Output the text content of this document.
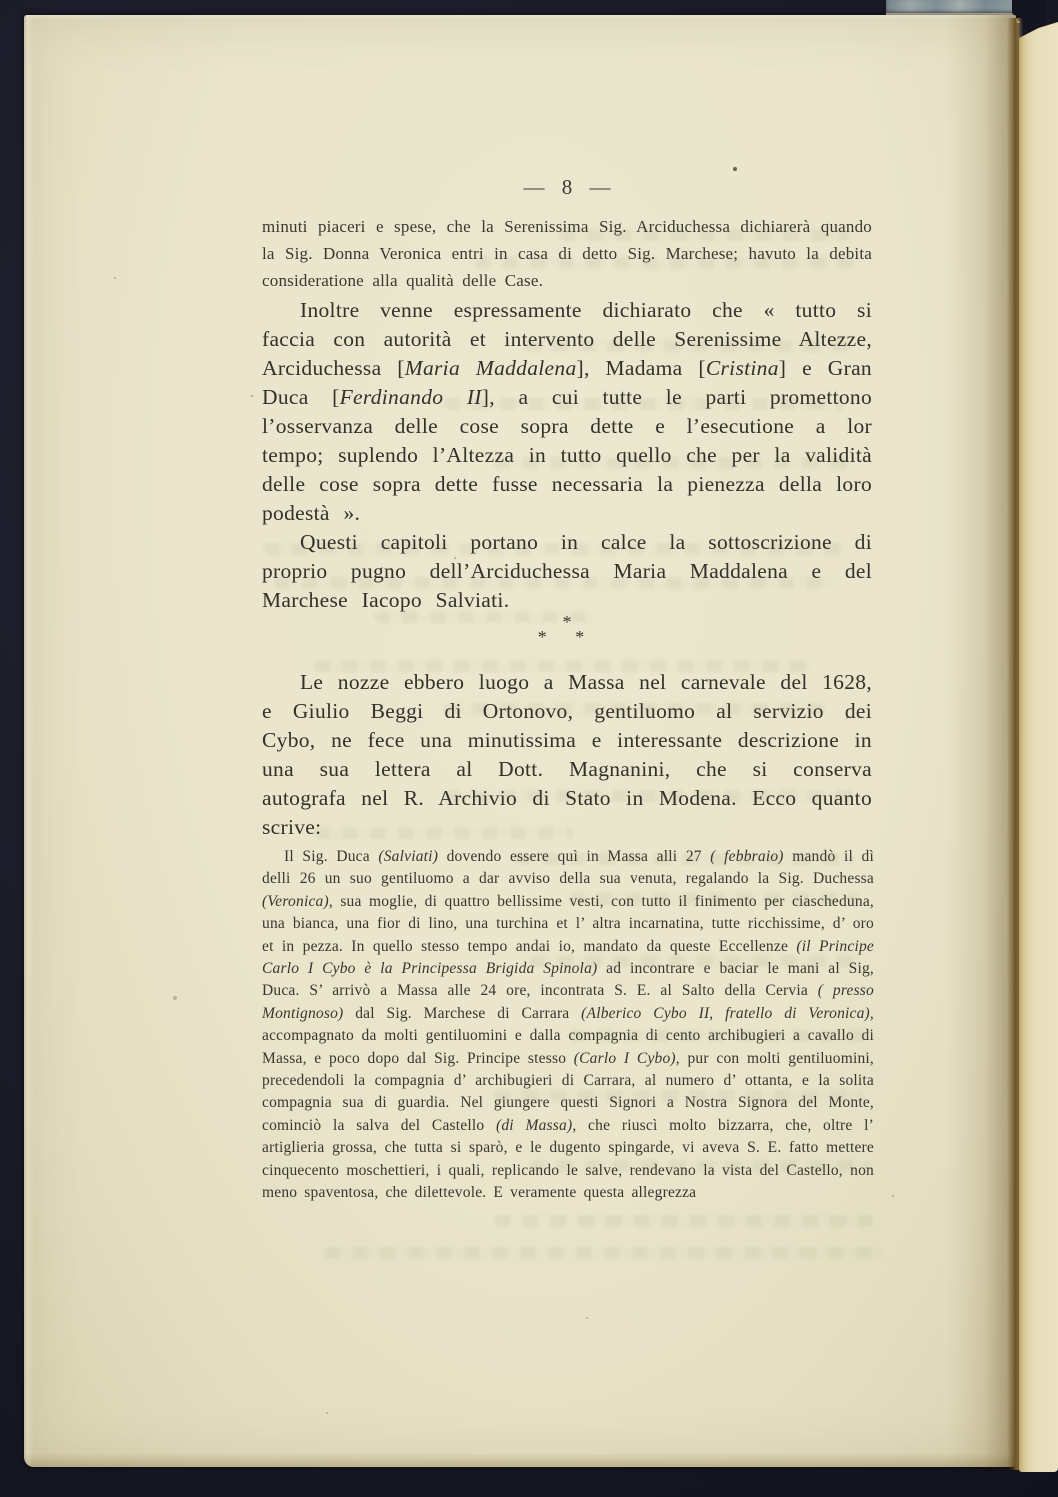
— 8 —

minuti piaceri e spese, che la Serenissima Sig. Arciduchessa dichiarerà quando la Sig. Donna Veronica entri in casa di detto Sig. Marchese; havuto la debita consideratione alla qualità delle Case.

Inoltre venne espressamente dichiarato che « tutto si faccia con autorità et intervento delle Serenissime Altezze, Arciduchessa [Maria Maddalena], Madama [Cristina] e Gran Duca [Ferdinando II], a cui tutte le parti promettono l’osservanza delle cose sopra dette e l’esecutione a lor tempo; suplendo l’Altezza in tutto quello che per la validità delle cose sopra dette fusse necessaria la pienezza della loro podestà ».

Questi capitoli portano in calce la sottoscrizione di proprio pugno dell’Arciduchessa Maria Maddalena e del Marchese Iacopo Salviati.

*
* *

Le nozze ebbero luogo a Massa nel carnevale del 1628, e Giulio Beggi di Ortonovo, gentiluomo al servizio dei Cybo, ne fece una minutissima e interessante descrizione in una sua lettera al Dott. Magnanini, che si conserva autografa nel R. Archivio di Stato in Modena. Ecco quanto scrive:

Il Sig. Duca (Salviati) dovendo essere quì in Massa alli 27 ( febbraio) mandò il dì delli 26 un suo gentiluomo a dar avviso della sua venuta, regalando la Sig. Duchessa (Veronica), sua moglie, di quattro bellissime vesti, con tutto il finimento per ciascheduna, una bianca, una fior di lino, una turchina et l’ altra incarnatina, tutte ricchissime, d’ oro et in pezza. In quello stesso tempo andai io, mandato da queste Eccellenze (il Principe Carlo I Cybo è la Principessa Brigida Spinola) ad incontrare e baciar le mani al Sig, Duca. S’ arrivò a Massa alle 24 ore, incontrata S. E. al Salto della Cervia ( presso Montignoso) dal Sig. Marchese di Carrara (Alberico Cybo II, fratello di Veronica), accompagnato da molti gentiluomini e dalla compagnia di cento archibugieri a cavallo di Massa, e poco dopo dal Sig. Principe stesso (Carlo I Cybo), pur con molti gentiluomini, precedendoli la compagnia d’ archibugieri di Carrara, al numero d’ ottanta, e la solita compagnia sua di guardia. Nel giungere questi Signori a Nostra Signora del Monte, cominciò la salva del Castello (di Massa), che riuscì molto bizzarra, che, oltre l’ artiglieria grossa, che tutta si sparò, e le dugento spingarde, vi aveva S. E. fatto mettere cinquecento moschettieri, i quali, replicando le salve, rendevano la vista del Castello, non meno spaventosa, che dilettevole. E veramente questa allegrezza
